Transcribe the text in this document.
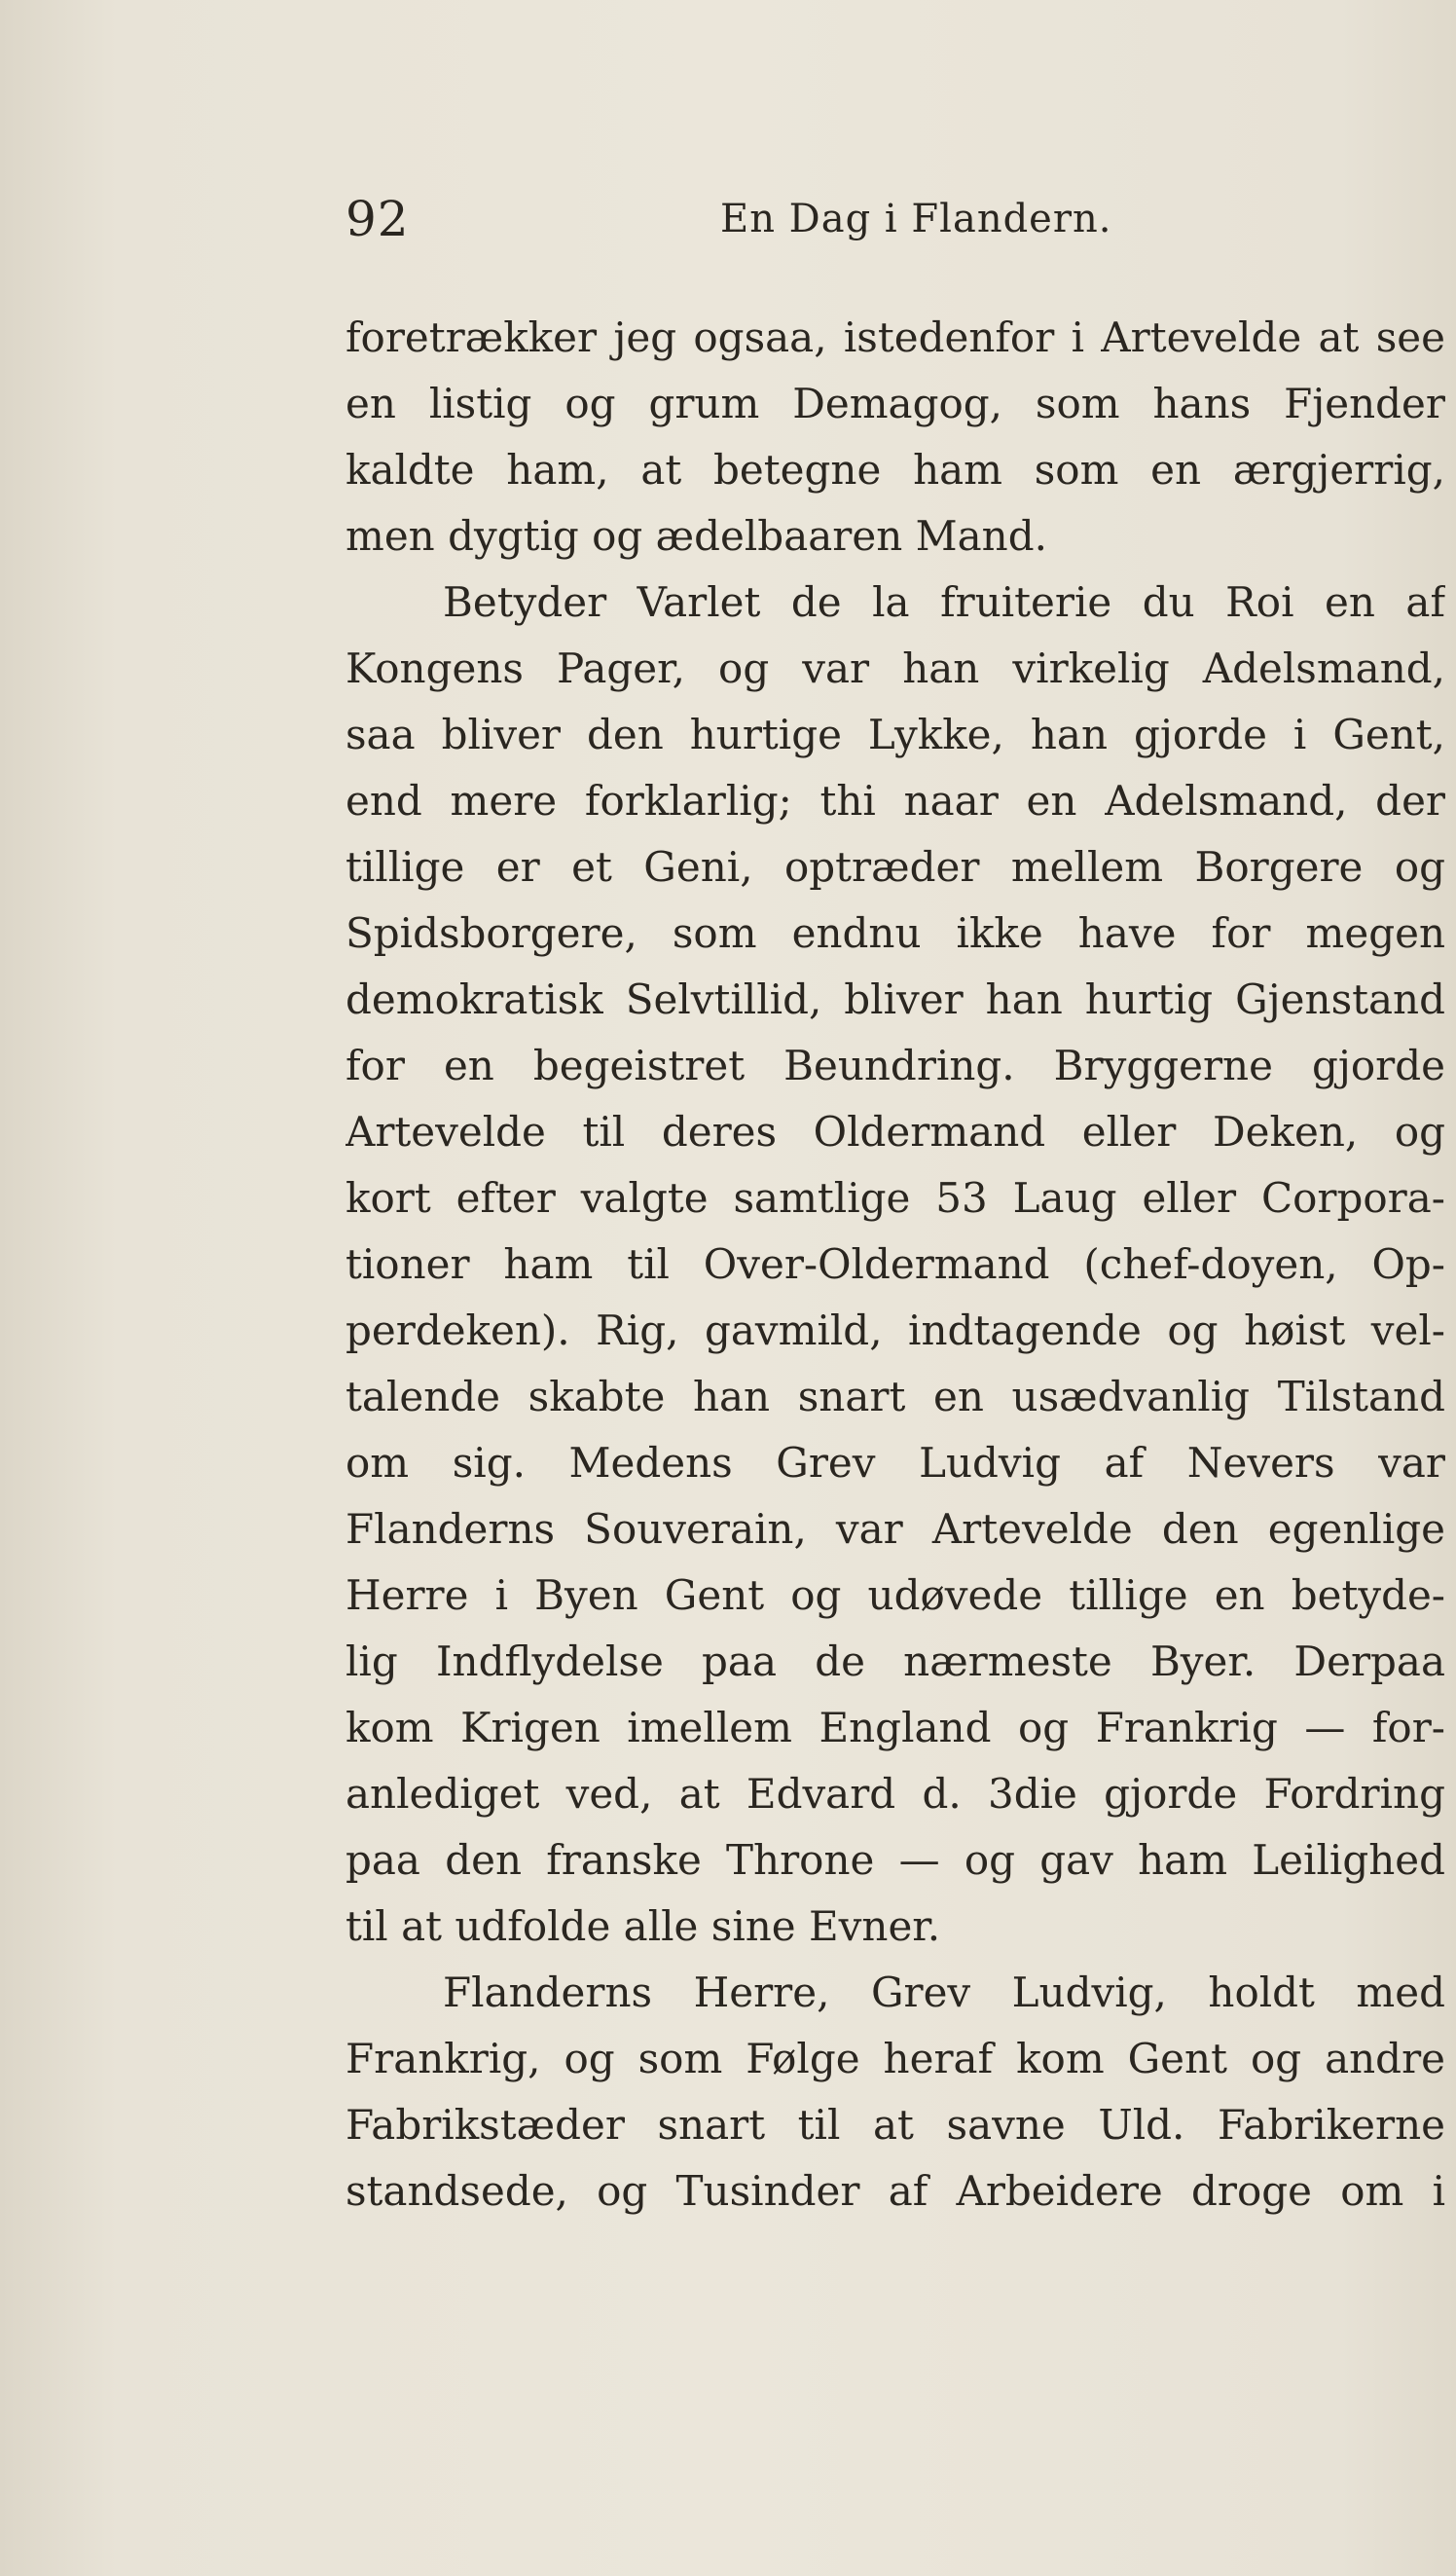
92	En Dag i Flandern.
foretrækker jeg ogsaa, istedenfor i Artevelde at see
en listig og grum Demagog, som hans Fjender
kaldte ham, at betegne ham som en ærgjerrig,
men dygtig og ædelbaaren Mand.
Betyder Varlet de la fruiterie du Roi en af
Kongens Pager, og var han virkelig Adelsmand,
saa bliver den hurtige Lykke, han gjorde i Gent,
end mere forklarlig; thi naar en Adelsmand, der
tillige er et Geni, optræder mellem Borgere og
Spidsborgere, som endnu ikke have for megen
demokratisk Selvtillid, bliver han hurtig Gjenstand
for en begeistret Beundring. Bryggerne gjorde
Artevelde til deres Oldermand eller Deken, og
kort efter valgte samtlige 53 Laug eller Corpora-
tioner ham til Over-Oldermand (chef-doyen, Op-
perdeken). Rig, gavmild, indtagende og høist vel-
talende skabte han snart en usædvanlig Tilstand
om sig. Medens Grev Ludvig af Nevers var
Flanderns Souverain, var Artevelde den egenlige
Herre i Byen Gent og udøvede tillige en betyde-
lig Indflydelse paa de nærmeste Byer. Derpaa
kom Krigen imellem England og Frankrig — for-
anlediget ved, at Edvard d. 3die gjorde Fordring
paa den franske Throne — og gav ham Leilighed
til at udfolde alle sine Evner.
Flanderns Herre, Grev Ludvig, holdt med
Frankrig, og som Følge heraf kom Gent og andre
Fabrikstæder snart til at savne Uld. Fabrikerne
standsede, og Tusinder af Arbeidere droge om i
